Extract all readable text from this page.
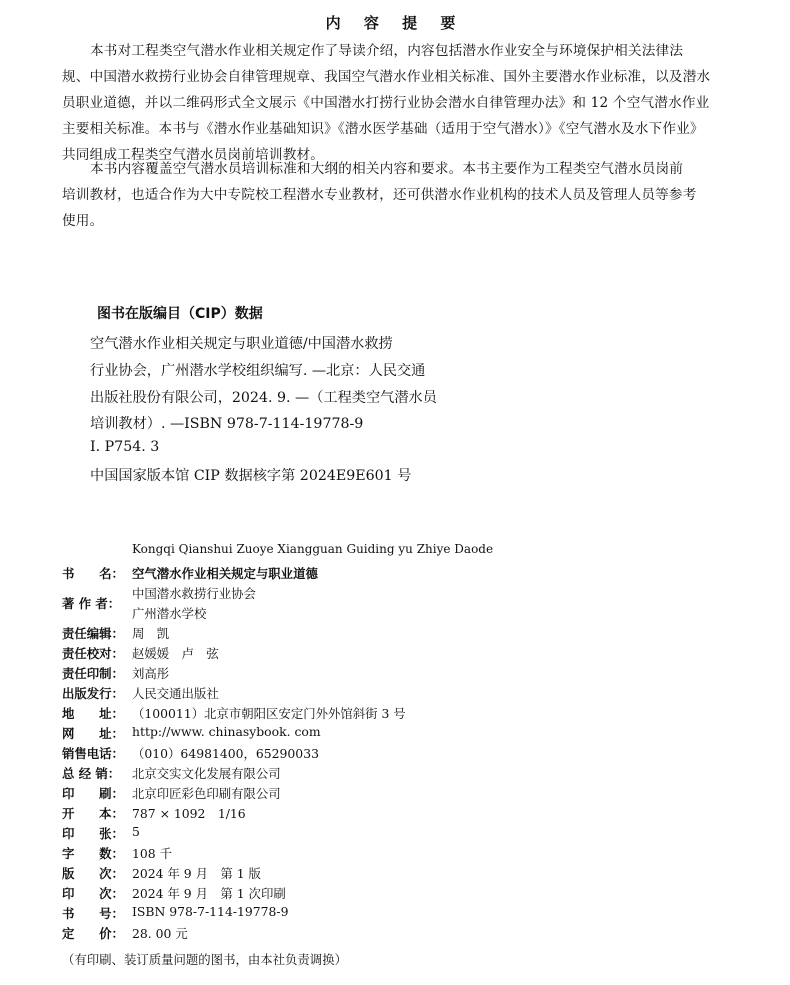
内 容 提 要
本书对工程类空气潜水作业相关规定作了导读介绍，内容包括潜水作业安全与环境保护相关法律法
规、中国潜水救捞行业协会自律管理规章、我国空气潜水作业相关标准、国外主要潜水作业标准，以及潜水
员职业道德，并以二维码形式全文展示《中国潜水打捞行业协会潜水自律管理办法》和 12 个空气潜水作业
主要相关标准。本书与《潜水作业基础知识》《潜水医学基础（适用于空气潜水）》《空气潜水及水下作业》
共同组成工程类空气潜水员岗前培训教材。
本书内容覆盖空气潜水员培训标准和大纲的相关内容和要求。本书主要作为工程类空气潜水员岗前
培训教材，也适合作为大中专院校工程潜水专业教材，还可供潜水作业机构的技术人员及管理人员等参考
使用。
图书在版编目（CIP）数据
空气潜水作业相关规定与职业道德/中国潜水救捞
行业协会，广州潜水学校组织编写. —北京：人民交通
出版社股份有限公司，2024. 9. —（工程类空气潜水员
培训教材）. —ISBN 978-7-114-19778-9
Ⅰ. P754. 3
中国国家版本馆 CIP 数据核字第 2024E9E601 号
Kongqi Qianshui Zuoye Xiangguan Guiding yu Zhiye Daode
书　　名： 空气潜水作业相关规定与职业道德
著 作 者：
中国潜水救捞行业协会
广州潜水学校
责任编辑： 周　凯
责任校对： 赵媛媛　卢　弦
责任印制： 刘高彤
出版发行： 人民交通出版社
地　　址： （100011）北京市朝阳区安定门外外馆斜街 3 号
网　　址： http://www. chinasybook. com
销售电话： （010）64981400，65290033
总 经 销： 北京交实文化发展有限公司
印　　刷： 北京印匠彩色印刷有限公司
开　　本： 787 × 1092　1/16
印　　张： 5
字　　数： 108 千
版　　次： 2024 年 9 月　第 1 版
印　　次： 2024 年 9 月　第 1 次印刷
书　　号： ISBN 978-7-114-19778-9
定　　价： 28. 00 元
（有印刷、装订质量问题的图书，由本社负责调换）
